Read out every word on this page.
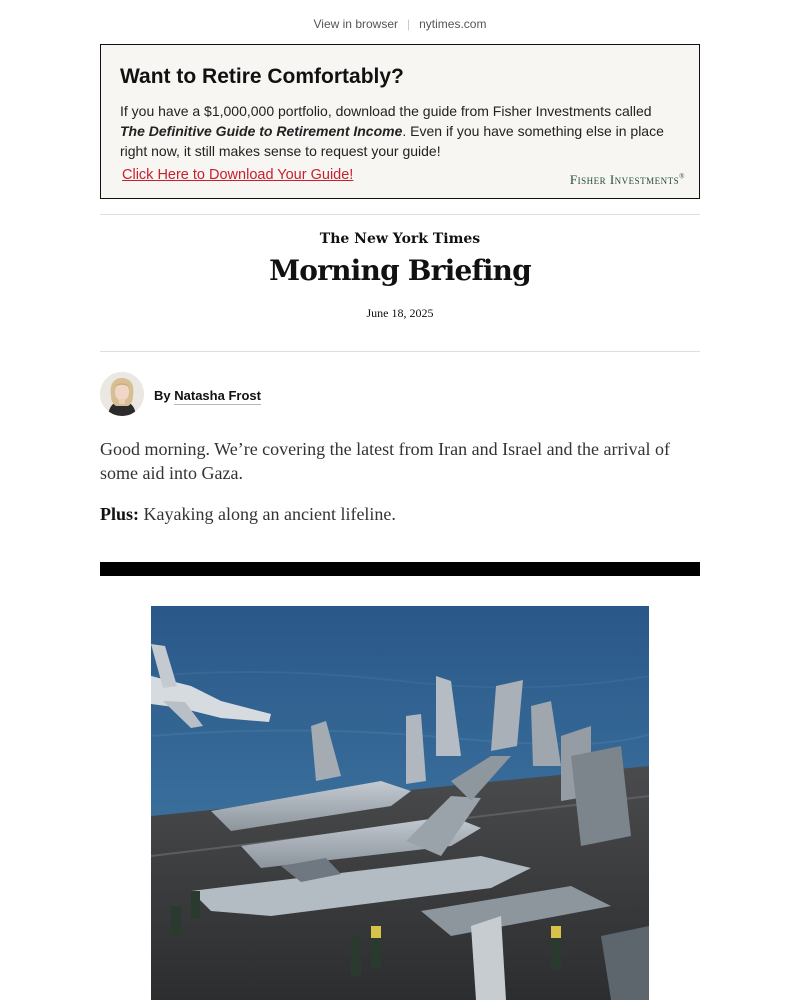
View in browser | nytimes.com
Want to Retire Comfortably?
If you have a $1,000,000 portfolio, download the guide from Fisher Investments called The Definitive Guide to Retirement Income. Even if you have something else in place right now, it still makes sense to request your guide!
Click Here to Download Your Guide!	Fisher Investments®
The New York Times
Morning Briefing
June 18, 2025
By Natasha Frost
Good morning. We’re covering the latest from Iran and Israel and the arrival of some aid into Gaza.
Plus: Kayaking along an ancient lifeline.
